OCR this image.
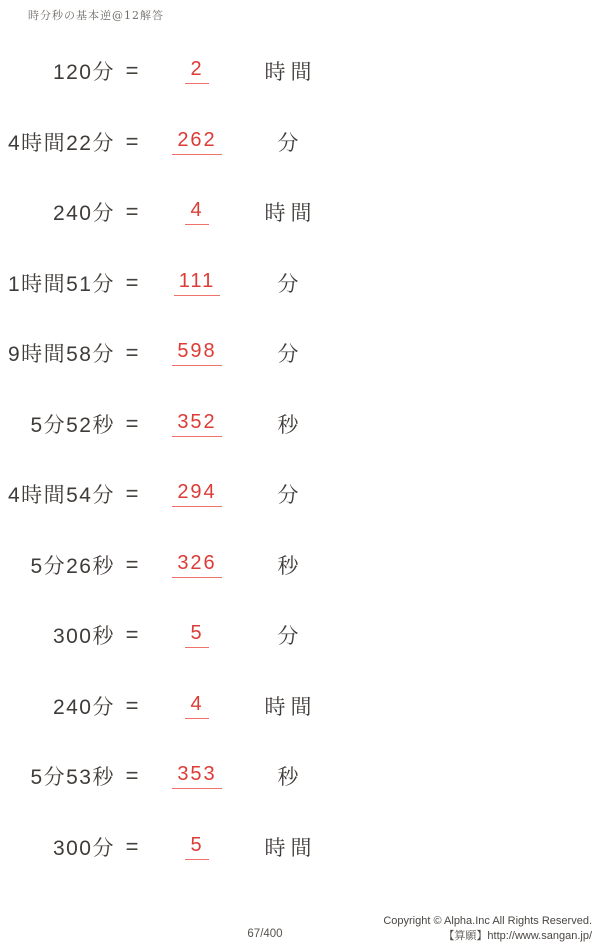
時分秒の基本逆@12解答
120分 =	2	時間
4時間22分 =	262	分
240分 =	4	時間
1時間51分 =	111	分
9時間58分 =	598	分
5分52秒 =	352	秒
4時間54分 =	294	分
5分26秒 =	326	秒
300秒 =	5	分
240分 =	4	時間
5分53秒 =	353	秒
300分 =	5	時間
67/400
Copyright © Alpha.Inc All Rights Reserved.
【算願】http://www.sangan.jp/
